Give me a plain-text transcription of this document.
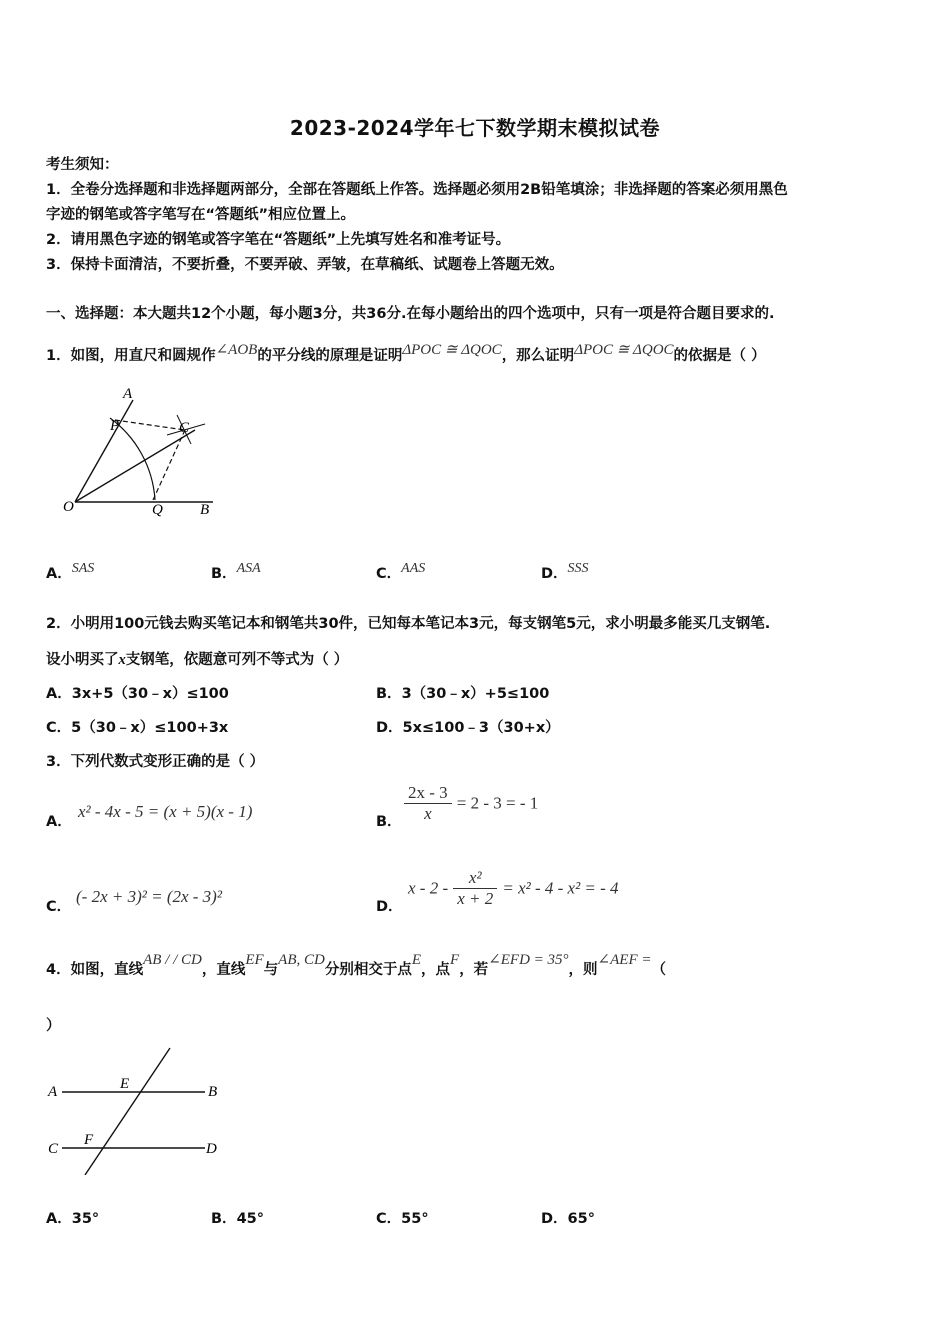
2023-2024学年七下数学期末模拟试卷
考生须知：
1．全卷分选择题和非选择题两部分，全部在答题纸上作答。选择题必须用2B铅笔填涂；非选择题的答案必须用黑色
字迹的钢笔或答字笔写在“答题纸”相应位置上。
2．请用黑色字迹的钢笔或答字笔在“答题纸”上先填写姓名和准考证号。
3．保持卡面清洁，不要折叠，不要弄破、弄皱，在草稿纸、试题卷上答题无效。
一、选择题：本大题共12个小题，每小题3分，共36分.在每小题给出的四个选项中，只有一项是符合题目要求的.
1．如图，用直尺和圆规作∠AOB的平分线的原理是证明ΔPOC ≅ ΔQOC，那么证明ΔPOC ≅ ΔQOC的依据是（ ）
A
P	C
O	Q B
A．SAS	B．ASA	C．AAS	D．SSS
2．小明用100元钱去购买笔记本和钢笔共30件，已知每本笔记本3元，每支钢笔5元，求小明最多能买几支钢笔.
设小明买了x支钢笔，依题意可列不等式为（ ）
A．3x+5（30﹣x）≤100	B．3（30﹣x）+5≤100
C．5（30﹣x）≤100+3x	D．5x≤100﹣3（30+x）
3．下列代数式变形正确的是（ ）
A．
x² - 4x - 5 = (x + 5)(x - 1)
B． $\frac{2x - 3}{x} = 2 - 3$ = - 1
C．
(- 2x + 3)² = (2x - 3)²
D．
$x - 2 - \frac{\text{x²}}{x + 2} = x^2 - 4 - x^2$ = - 4
4．如图，直线AB / / CD，直线EF与AB, CD分别相交于点E，点F，若∠EFD = 35°，则∠AEF =（
）
A	E	B
C
F
D
A．35°	B．45°	C．55°	D．65°
